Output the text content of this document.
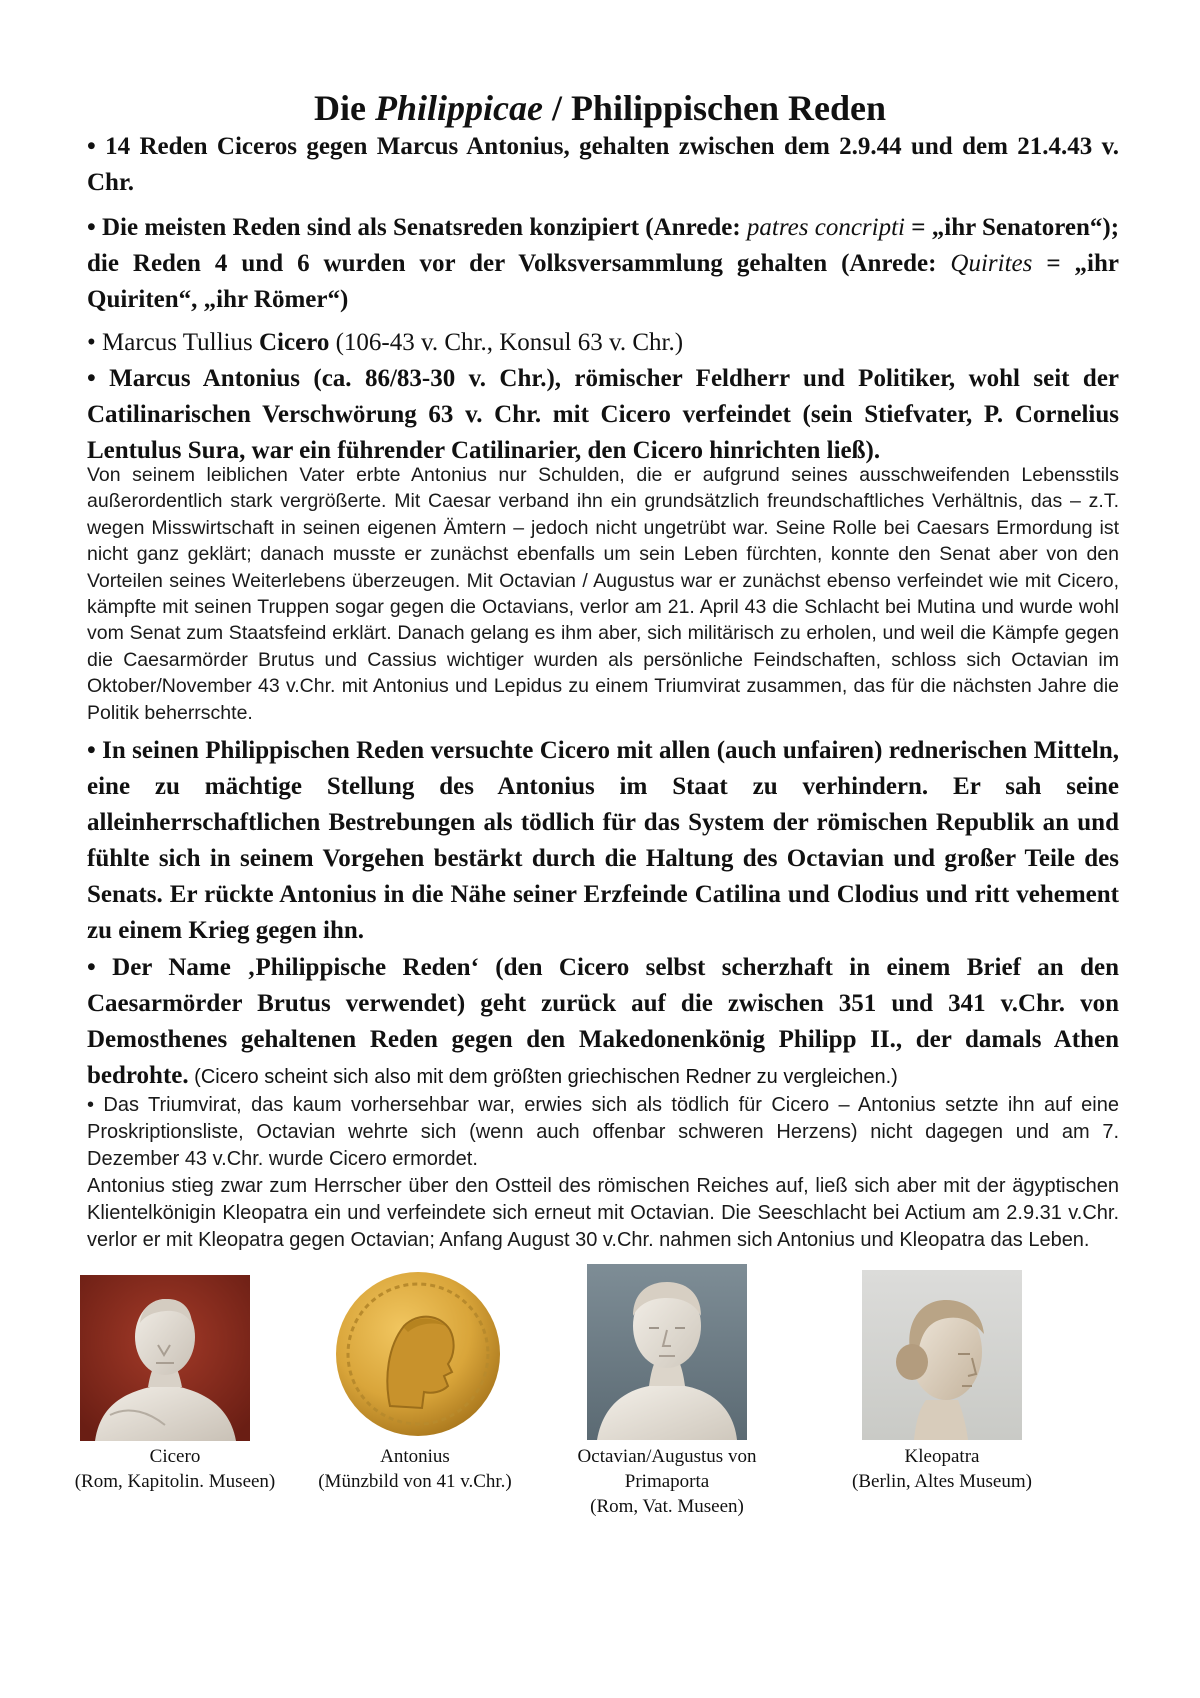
Die Philippicae / Philippischen Reden
• 14 Reden Ciceros gegen Marcus Antonius, gehalten zwischen dem 2.9.44 und dem 21.4.43 v. Chr.
• Die meisten Reden sind als Senatsreden konzipiert (Anrede: patres concripti = „ihr Senatoren“); die Reden 4 und 6 wurden vor der Volksversammlung gehalten (Anrede: Quirites = „ihr Quiriten“, „ihr Römer“)
• Marcus Tullius Cicero (106-43 v. Chr., Konsul 63 v. Chr.)
• Marcus Antonius (ca. 86/83-30 v. Chr.), römischer Feldherr und Politiker, wohl seit der Catilinarischen Verschwörung 63 v. Chr. mit Cicero verfeindet (sein Stiefvater, P. Cornelius Lentulus Sura, war ein führender Catilinarier, den Cicero hinrichten ließ).
Von seinem leiblichen Vater erbte Antonius nur Schulden, die er aufgrund seines ausschweifenden Lebensstils außerordentlich stark vergrößerte. Mit Caesar verband ihn ein grundsätzlich freundschaftliches Verhältnis, das – z.T. wegen Misswirtschaft in seinen eigenen Ämtern – jedoch nicht ungetrübt war. Seine Rolle bei Caesars Ermordung ist nicht ganz geklärt; danach musste er zunächst ebenfalls um sein Leben fürchten, konnte den Senat aber von den Vorteilen seines Weiterlebens überzeugen. Mit Octavian / Augustus war er zunächst ebenso verfeindet wie mit Cicero, kämpfte mit seinen Truppen sogar gegen die Octavians, verlor am 21. April 43 die Schlacht bei Mutina und wurde wohl vom Senat zum Staatsfeind erklärt. Danach gelang es ihm aber, sich militärisch zu erholen, und weil die Kämpfe gegen die Caesarmörder Brutus und Cassius wichtiger wurden als persönliche Feindschaften, schloss sich Octavian im Oktober/November 43 v.Chr. mit Antonius und Lepidus zu einem Triumvirat zusammen, das für die nächsten Jahre die Politik beherrschte.
• In seinen Philippischen Reden versuchte Cicero mit allen (auch unfairen) rednerischen Mitteln, eine zu mächtige Stellung des Antonius im Staat zu verhindern. Er sah seine alleinherrschaftlichen Bestrebungen als tödlich für das System der römischen Republik an und fühlte sich in seinem Vorgehen bestärkt durch die Haltung des Octavian und großer Teile des Senats. Er rückte Antonius in die Nähe seiner Erzfeinde Catilina und Clodius und ritt vehement zu einem Krieg gegen ihn.
• Der Name ‚Philippische Reden‘ (den Cicero selbst scherzhaft in einem Brief an den Caesarmörder Brutus verwendet) geht zurück auf die zwischen 351 und 341 v.Chr. von Demosthenes gehaltenen Reden gegen den Makedonenkönig Philipp II., der damals Athen bedrohte. (Cicero scheint sich also mit dem größten griechischen Redner zu vergleichen.)
• Das Triumvirat, das kaum vorhersehbar war, erwies sich als tödlich für Cicero – Antonius setzte ihn auf eine Proskriptionsliste, Octavian wehrte sich (wenn auch offenbar schweren Herzens) nicht dagegen und am 7. Dezember 43 v.Chr. wurde Cicero ermordet.
Antonius stieg zwar zum Herrscher über den Ostteil des römischen Reiches auf, ließ sich aber mit der ägyptischen Klientelkönigin Kleopatra ein und verfeindete sich erneut mit Octavian. Die Seeschlacht bei Actium am 2.9.31 v.Chr. verlor er mit Kleopatra gegen Octavian; Anfang August 30 v.Chr. nahmen sich Antonius und Kleopatra das Leben.
Cicero
(Rom, Kapitolin. Museen)
Antonius
(Münzbild von 41 v.Chr.)
Octavian/Augustus von Primaporta
(Rom, Vat. Museen)
Kleopatra
(Berlin, Altes Museum)
